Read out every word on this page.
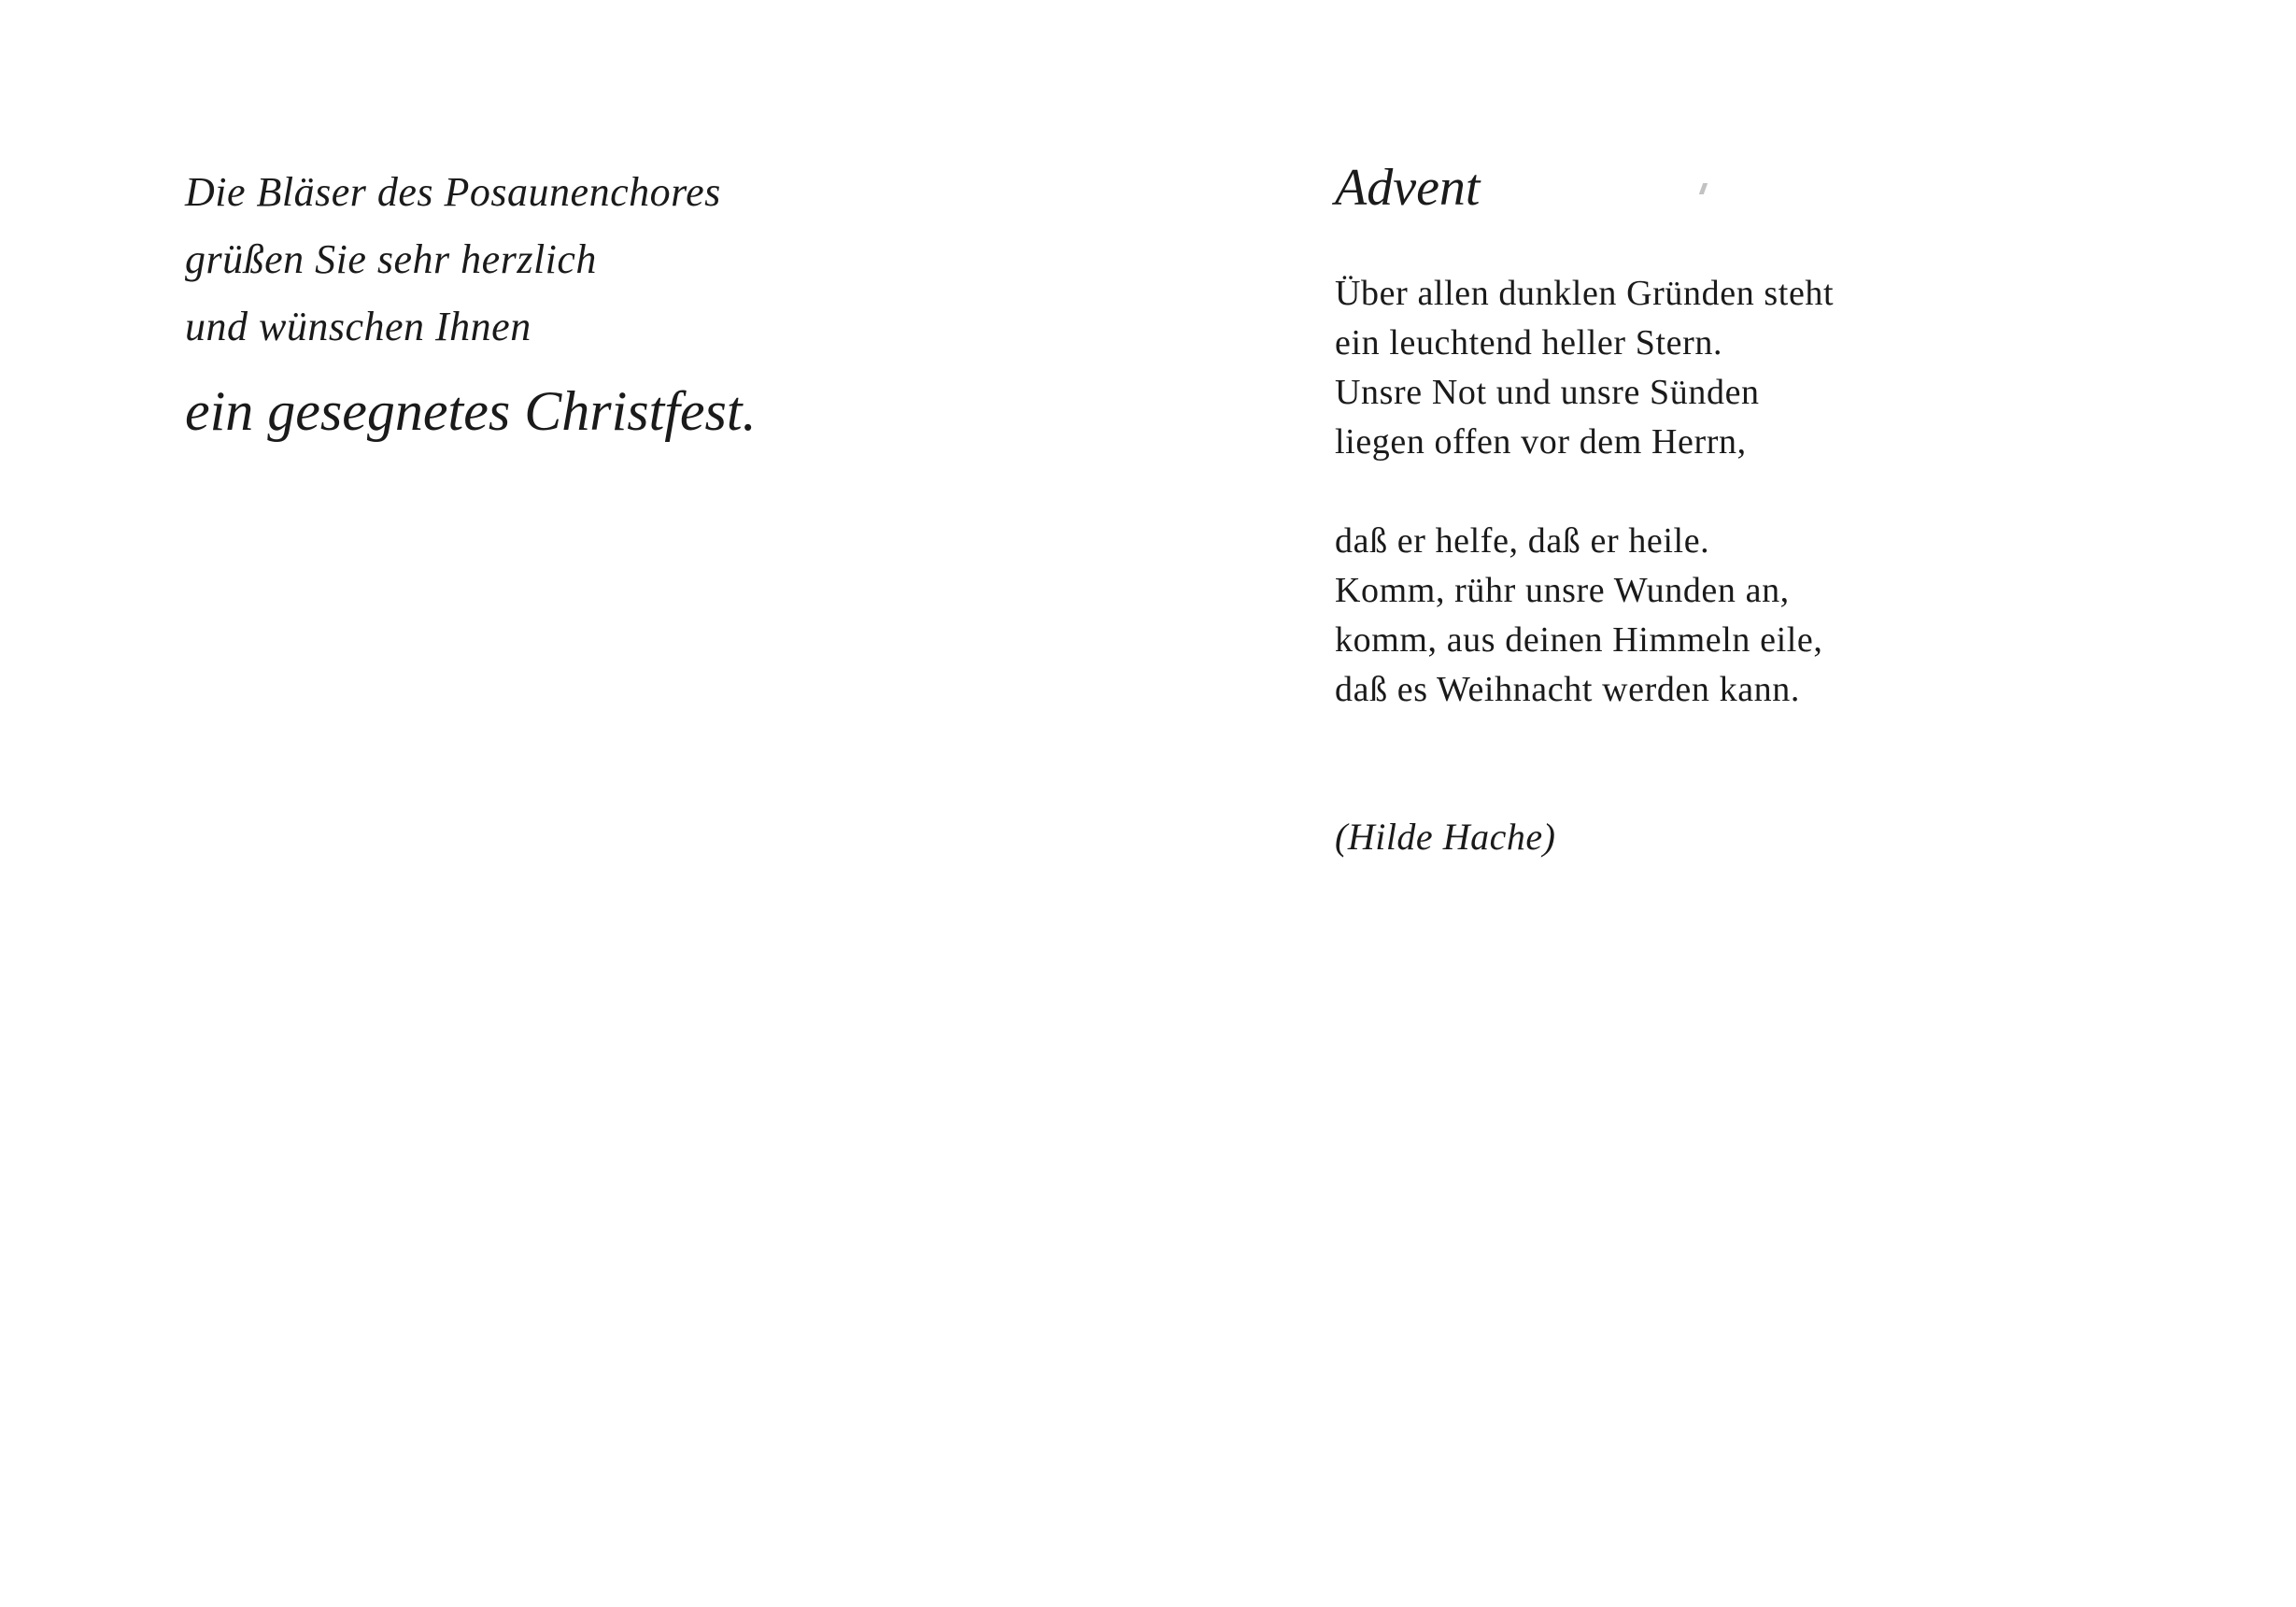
Die Bläser des Posaunenchores
grüßen Sie sehr herzlich
und wünschen Ihnen
ein gesegnetes Christfest.
Advent
Über allen dunklen Gründen steht
ein leuchtend heller Stern.
Unsre Not und unsre Sünden
liegen offen vor dem Herrn,
daß er helfe, daß er heile.
Komm, rühr unsre Wunden an,
komm, aus deinen Himmeln eile,
daß es Weihnacht werden kann.
(Hilde Hache)
